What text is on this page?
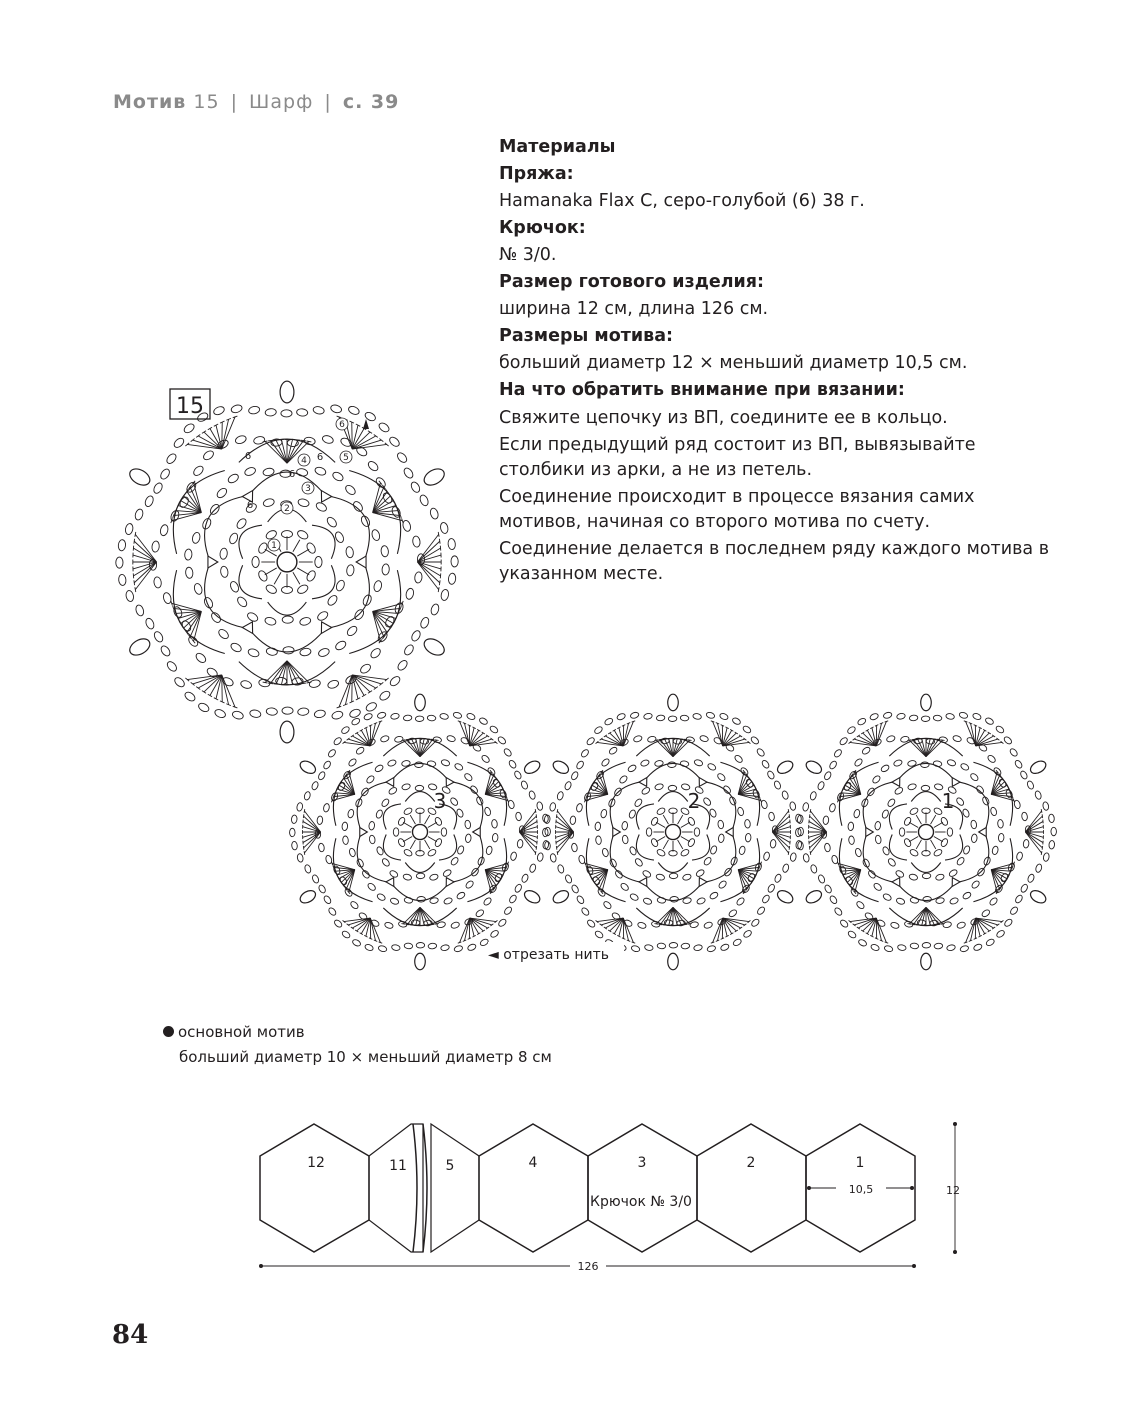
Мотив 15 | Шарф | с. 39
Материалы
Пряжа:
Hamanaka Flax C, серо-голубой (6) 38 г.
Крючок:
№ 3/0.
Размер готового изделия:
ширина 12 см, длина 126 см.
Размеры мотива:
больший диаметр 12 × меньший диаметр 10,5 см.
На что обратить внимание при вязании:
Свяжите цепочку из ВП, соедините ее в кольцо.
Если предыдущий ряд состоит из ВП, вывязывайте столбики из арки, а не из петель.
Соединение происходит в процессе вязания самих мотивов, начиная со второго мотива по счету.
Соединение делается в последнем ряду каждого мотива в указанном месте.
15
1
2
3
4	5
6
6	6
6
6
3	2	1
◄ отрезать нить
12	11	5	4	3	2	1
Крючок № 3/0
10,5	12
126
основной мотив
больший диаметр 10 × меньший диаметр 8 см
84
